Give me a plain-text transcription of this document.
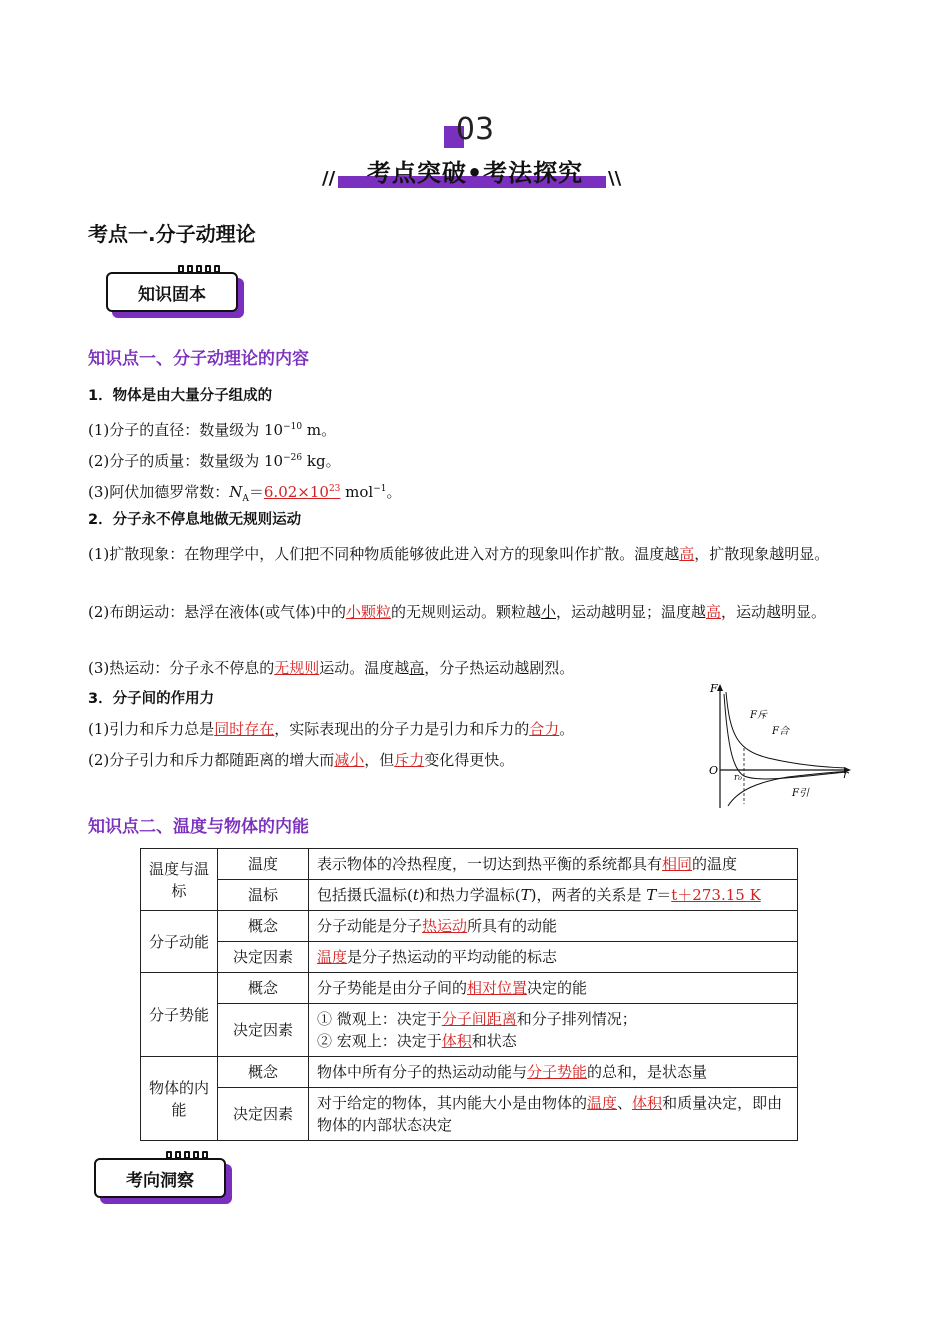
03
考点突破•考法探究
//	\\
考点一.分子动理论
知识固本
知识点一、分子动理论的内容
1．物体是由大量分子组成的
(1)分子的直径：数量级为 $10^{-10}$ m。
(2)分子的质量：数量级为 $10^{-26}$ kg。
(3)阿伏加德罗常数：$N_A=6.02\times 10^{23}$ mol$^{-1}$。
2．分子永不停息地做无规则运动
(1)扩散现象：在物理学中，人们把不同种物质能够彼此进入对方的现象叫作扩散。温度越高，扩散现象越明显。
(2)布朗运动：悬浮在液体(或气体)中的小颗粒的无规则运动。颗粒越小，运动越明显；温度越高，运动越明显。
(3)热运动：分子永不停息的无规则运动。温度越高，分子热运动越剧烈。
3．分子间的作用力
(1)引力和斥力总是同时存在，实际表现出的分子力是引力和斥力的合力。
(2)分子引力和斥力都随距离的增大而减小，但斥力变化得更快。
F
O	r
r₀
F斥
F合
F引
知识点二、温度与物体的内能
温度与温标	温度	表示物体的冷热程度，一切达到热平衡的系统都具有相同的温度
	温标	包括摄氏温标(t)和热力学温标(T)，两者的关系是 T＝t＋273.15 K
分子动能	概念	分子动能是分子热运动所具有的动能
	决定因素	温度是分子热运动的平均动能的标志
分子势能	概念	分子势能是由分子间的相对位置决定的能
	决定因素	① 微观上：决定于分子间距离和分子排列情况；
② 宏观上：决定于体积和状态
物体的内能	概念	物体中所有分子的热运动动能与分子势能的总和，是状态量
	决定因素	对于给定的物体，其内能大小是由物体的温度、体积和质量决定，即由物体的内部状态决定
考向洞察
